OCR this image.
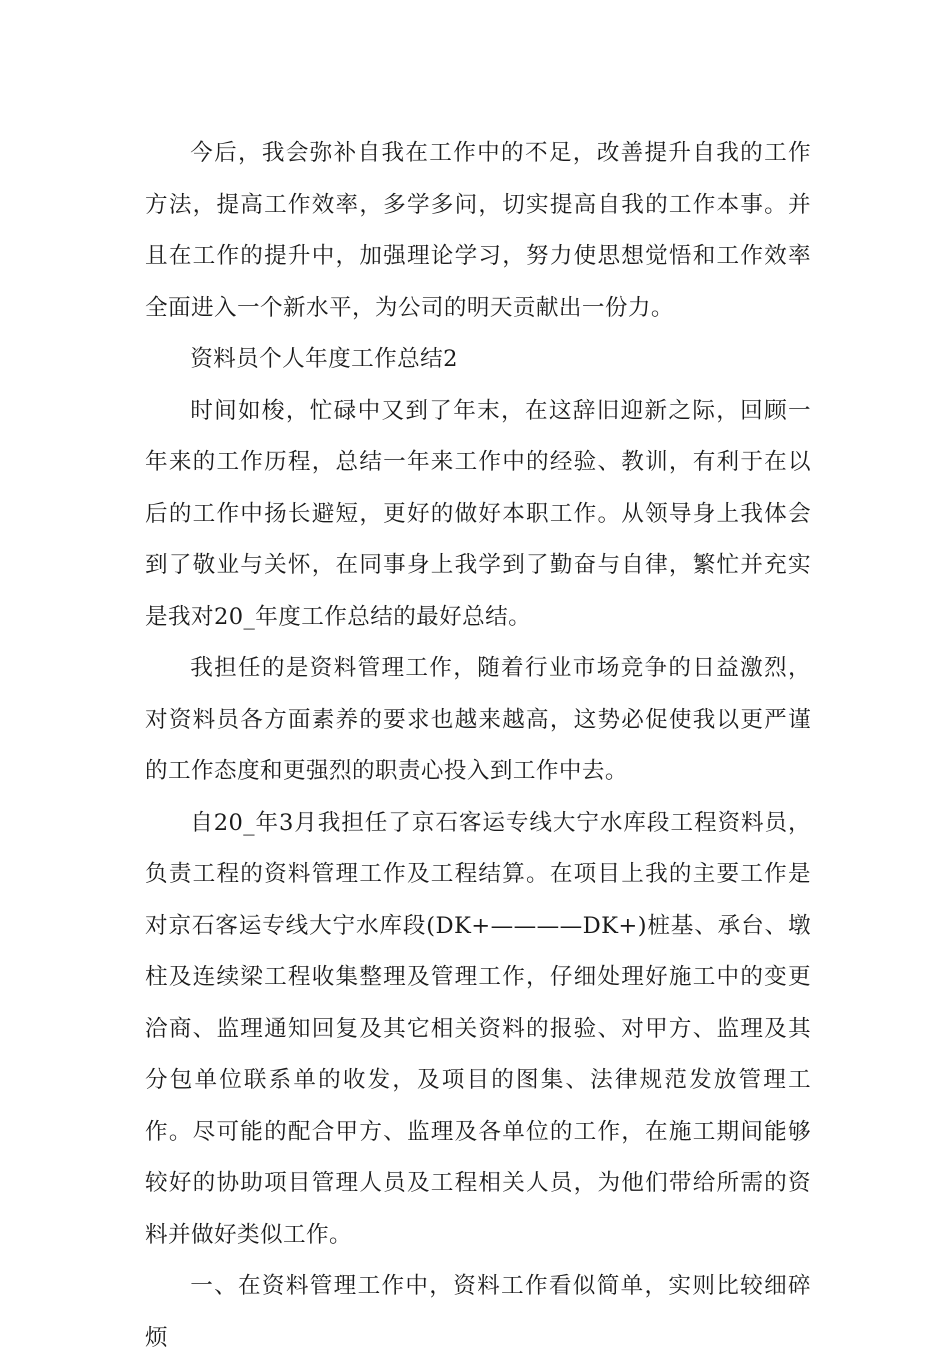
今后，我会弥补自我在工作中的不足，改善提升自我的工作方法，提高工作效率，多学多问，切实提高自我的工作本事。并且在工作的提升中，加强理论学习，努力使思想觉悟和工作效率全面进入一个新水平，为公司的明天贡献出一份力。

资料员个人年度工作总结2

时间如梭，忙碌中又到了年末，在这辞旧迎新之际，回顾一年来的工作历程，总结一年来工作中的经验、教训，有利于在以后的工作中扬长避短，更好的做好本职工作。从领导身上我体会到了敬业与关怀，在同事身上我学到了勤奋与自律，繁忙并充实是我对20_年度工作总结的最好总结。

我担任的是资料管理工作，随着行业市场竞争的日益激烈，对资料员各方面素养的要求也越来越高，这势必促使我以更严谨的工作态度和更强烈的职责心投入到工作中去。

自20_年3月我担任了京石客运专线大宁水库段工程资料员，负责工程的资料管理工作及工程结算。在项目上我的主要工作是对京石客运专线大宁水库段(DK+————DK+)桩基、承台、墩柱及连续梁工程收集整理及管理工作，仔细处理好施工中的变更洽商、监理通知回复及其它相关资料的报验、对甲方、监理及其分包单位联系单的收发，及项目的图集、法律规范发放管理工作。尽可能的配合甲方、监理及各单位的工作，在施工期间能够较好的协助项目管理人员及工程相关人员，为他们带给所需的资料并做好类似工作。

一、在资料管理工作中，资料工作看似简单，实则比较细碎烦
